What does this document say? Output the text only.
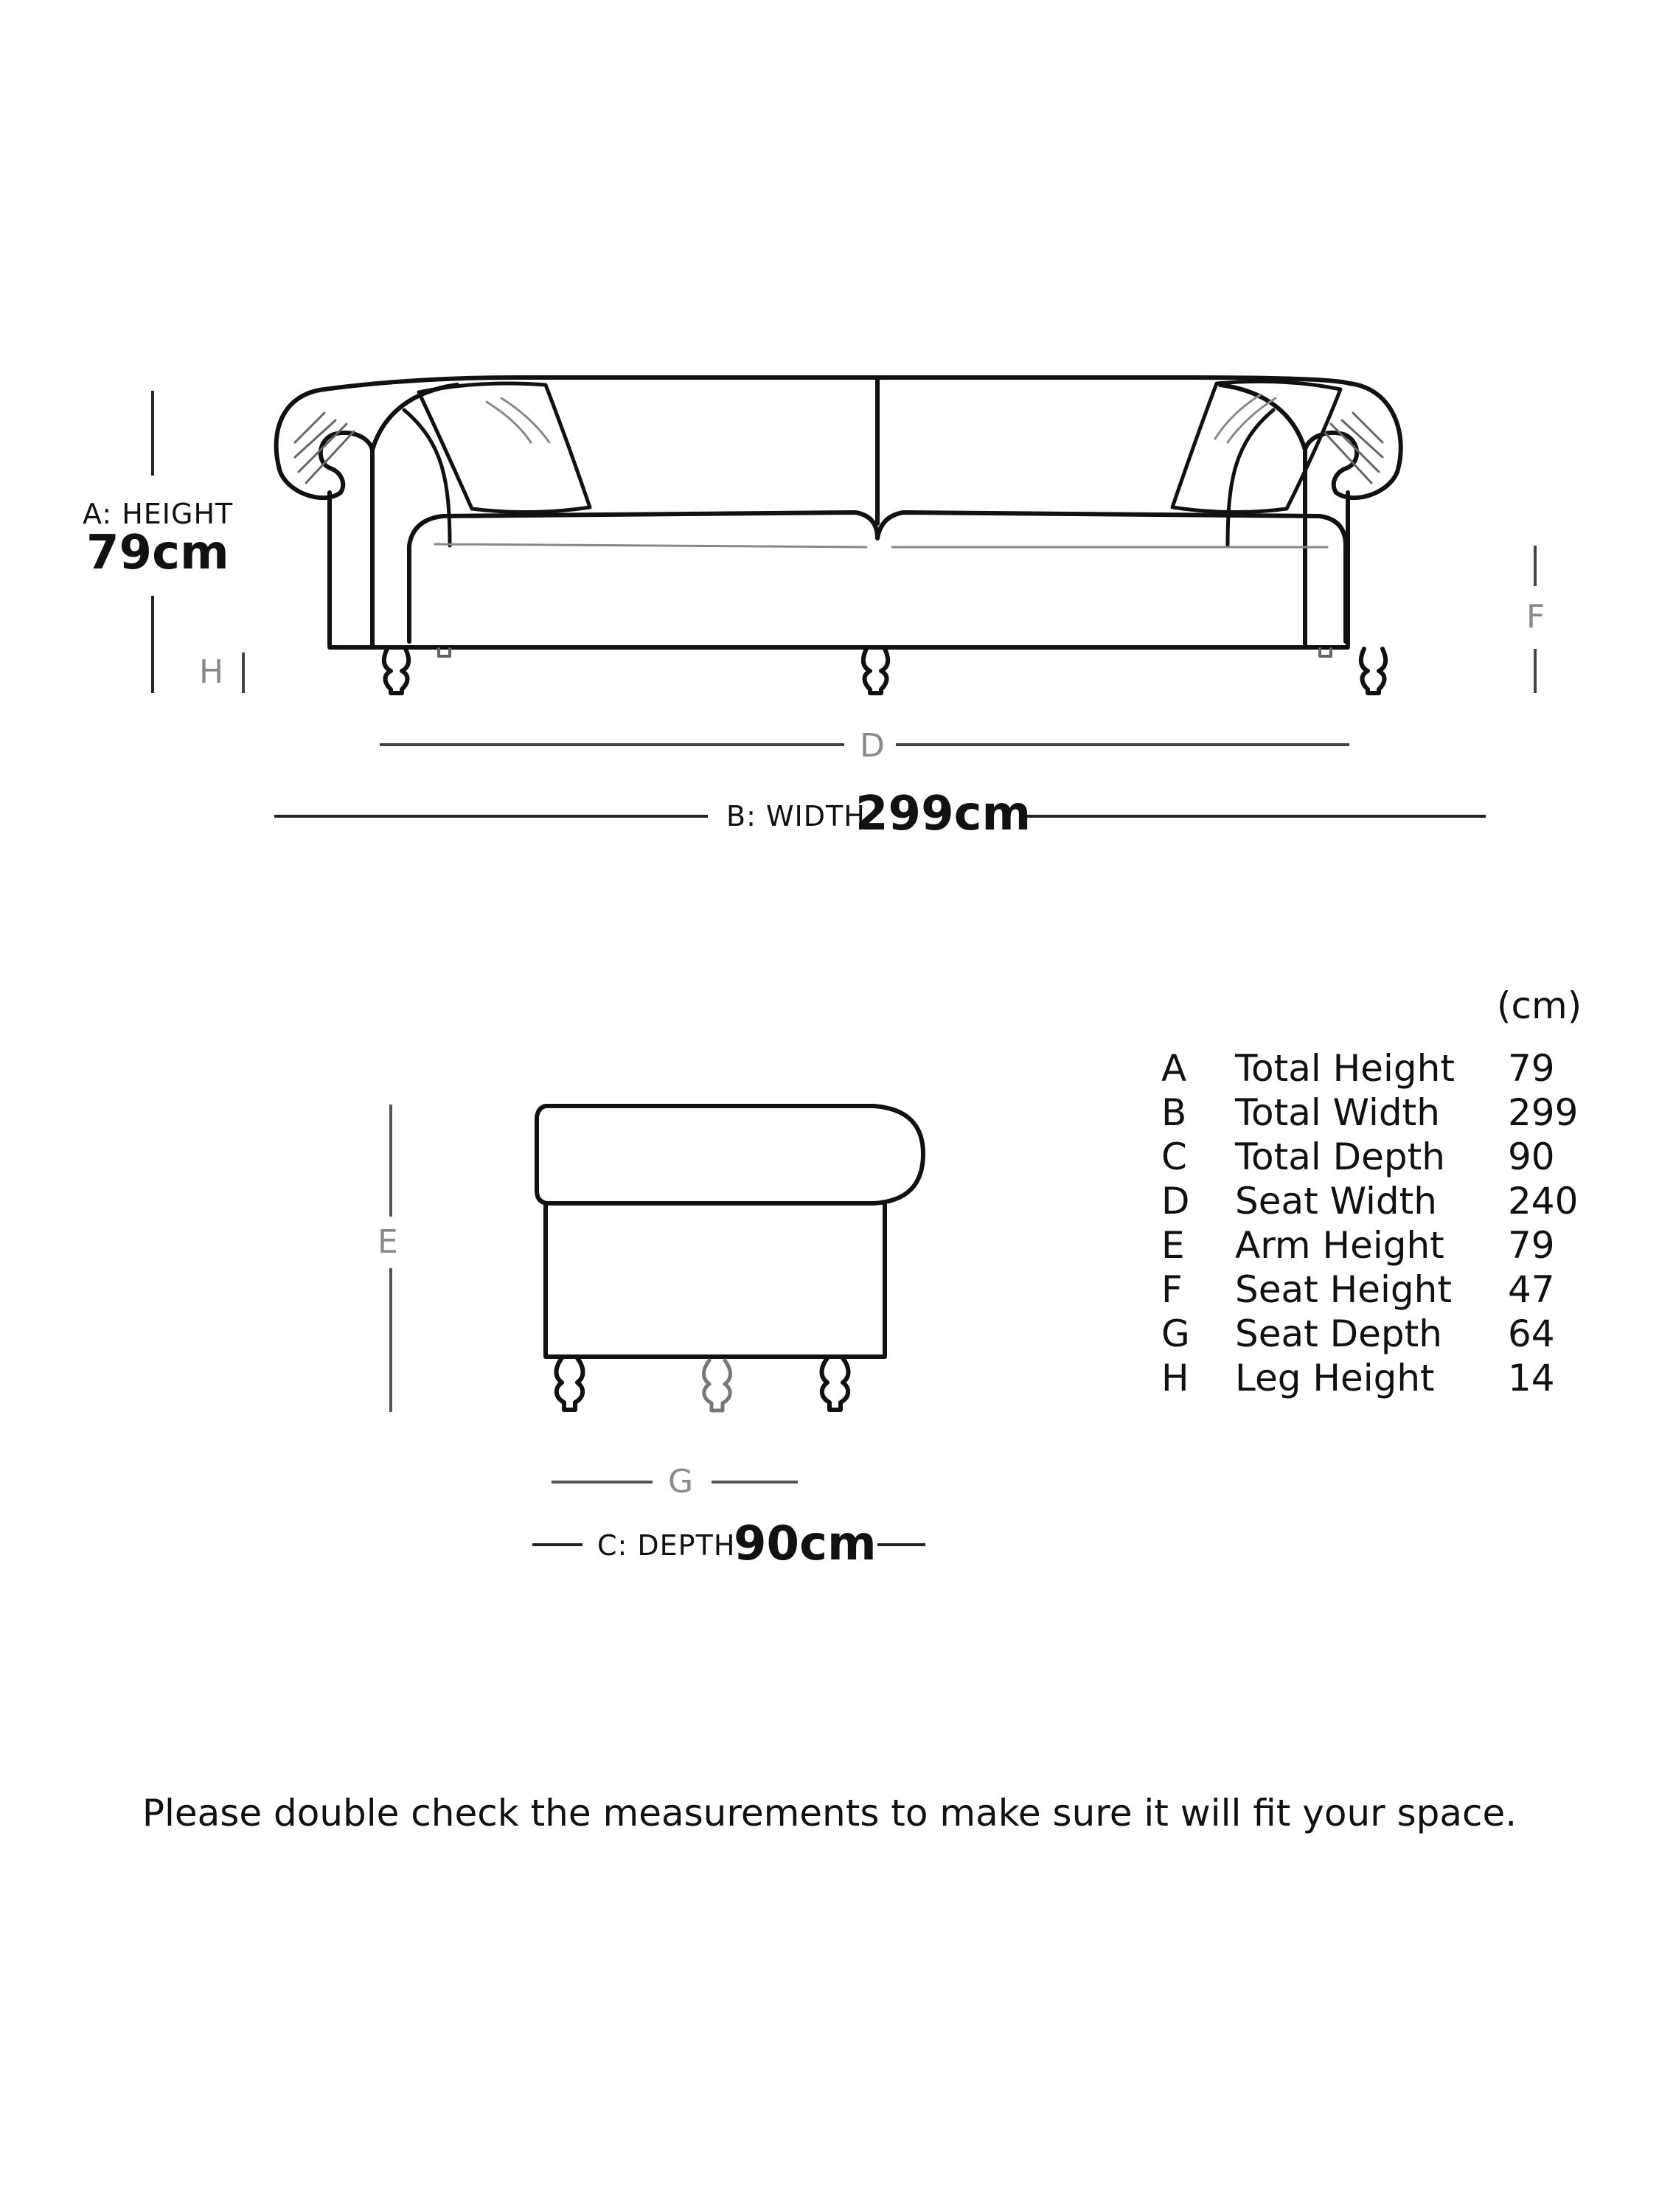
A: HEIGHT
79cm
H
F
D
B: WIDTH
299cm
E
G
C: DEPTH
90cm
(cm)
A Total Height 79
B Total Width 299
C Total Depth 90
D Seat Width 240
E Arm Height 79
F Seat Height 47
G Seat Depth 64
H Leg Height 14
Please double check the measurements to make sure it will fit your space.
